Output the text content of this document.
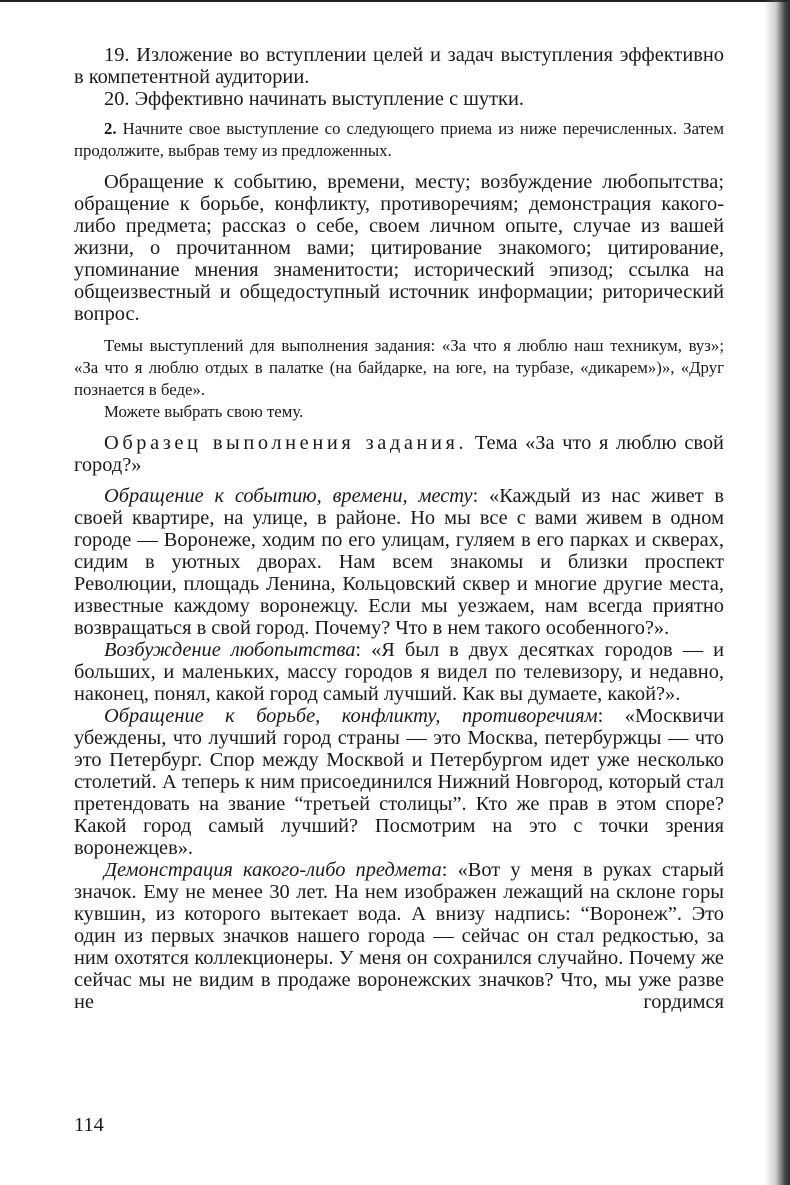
19. Изложение во вступлении целей и задач выступления эффективно в компетентной аудитории.

20. Эффективно начинать выступление с шутки.

2. Начните свое выступление со следующего приема из ниже перечисленных. Затем продолжите, выбрав тему из предложенных.

Обращение к событию, времени, месту; возбуждение любопытства; обращение к борьбе, конфликту, противоречиям; демонстрация какого-либо предмета; рассказ о себе, своем личном опыте, случае из вашей жизни, о прочитанном вами; цитирование знакомого; цитирование, упоминание мнения знаменитости; исторический эпизод; ссылка на общеизвестный и общедоступный источник информации; риторический вопрос.

Темы выступлений для выполнения задания: «За что я люблю наш техникум, вуз»; «За что я люблю отдых в палатке (на байдарке, на юге, на турбазе, «дикарем»)», «Друг познается в беде».

Можете выбрать свою тему.

Образец выполнения задания. Тема «За что я люблю свой город?»

Обращение к событию, времени, месту: «Каждый из нас живет в своей квартире, на улице, в районе. Но мы все с вами живем в одном городе — Воронеже, ходим по его улицам, гуляем в его парках и скверах, сидим в уютных дворах. Нам всем знакомы и близки проспект Революции, площадь Ленина, Кольцовский сквер и многие другие места, известные каждому воронежцу. Если мы уезжаем, нам всегда приятно возвращаться в свой город. Почему? Что в нем такого особенного?».

Возбуждение любопытства: «Я был в двух десятках городов — и больших, и маленьких, массу городов я видел по телевизору, и недавно, наконец, понял, какой город самый лучший. Как вы думаете, какой?».

Обращение к борьбе, конфликту, противоречиям: «Москвичи убеждены, что лучший город страны — это Москва, петербуржцы — что это Петербург. Спор между Москвой и Петербургом идет уже несколько столетий. А теперь к ним присоединился Нижний Новгород, который стал претендовать на звание “третьей столицы”. Кто же прав в этом споре? Какой город самый лучший? Посмотрим на это с точки зрения воронежцев».

Демонстрация какого-либо предмета: «Вот у меня в руках старый значок. Ему не менее 30 лет. На нем изображен лежащий на склоне горы кувшин, из которого вытекает вода. А внизу надпись: “Воронеж”. Это один из первых значков нашего города — сейчас он стал редкостью, за ним охотятся коллекционеры. У меня он сохранился случайно. Почему же сейчас мы не видим в продаже воронежских значков? Что, мы уже разве не гордимся

114
